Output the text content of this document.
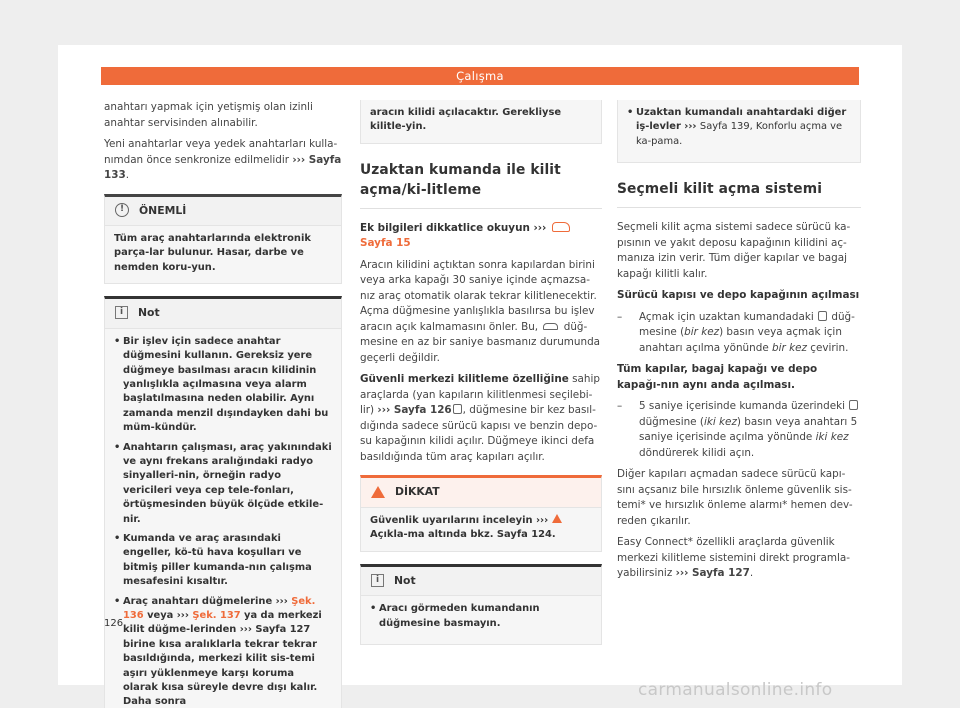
Çalışma

anahtarı yapmak için yetişmiş olan izinli anahtar servisinden alınabilir.

Yeni anahtarlar veya yedek anahtarları kulla-nımdan önce senkronize edilmelidir ››› Sayfa 133.

!	ÖNEMLİ
Tüm araç anahtarlarında elektronik parça-lar bulunur. Hasar, darbe ve nemden koru-yun.
i	Not
• Bir işlev için sadece anahtar düğmesini kullanın. Gereksiz yere düğmeye basılması aracın kilidinin yanlışlıkla açılmasına veya alarm başlatılmasına neden olabilir. Aynı zamanda menzil dışındayken dahi bu müm-kündür.
• Anahtarın çalışması, araç yakınındaki ve aynı frekans aralığındaki radyo sinyalleri-nin, örneğin radyo vericileri veya cep tele-fonları, örtüşmesinden büyük ölçüde etkile-nir.
• Kumanda ve araç arasındaki engeller, kö-tü hava koşulları ve bitmiş piller kumanda-nın çalışma mesafesini kısaltır.
• Araç anahtarı düğmelerine ››› Şek. 136 veya ››› Şek. 137 ya da merkezi kilit düğme-lerinden ››› Sayfa 127 birine kısa aralıklarla tekrar tekrar basıldığında, merkezi kilit sis-temi aşırı yüklenmeye karşı koruma olarak kısa süreyle devre dışı kalır. Daha sonra
aracın kilidi açılacaktır. Gerekliyse kilitle-yin.
Uzaktan kumanda ile kilit açma/ki-litleme

Ek bilgileri dikkatlice okuyun ›››  Sayfa 15

Aracın kilidini açtıktan sonra kapılardan birini veya arka kapağı 30 saniye içinde açmazsa-nız araç otomatik olarak tekrar kilitlenecektir. Açma düğmesine yanlışlıkla basılırsa bu işlev aracın açık kalmamasını önler. Bu, düğ-mesine en az bir saniye basmanız durumunda geçerli değildir.

Güvenli merkezi kilitleme özelliğine sahip araçlarda (yan kapıların kilitlenmesi seçilebi-lir) ››› Sayfa 126 , düğmesine bir kez basıl-dığında sadece sürücü kapısı ve benzin depo-su kapağının kilidi açılır. Düğmeye ikinci defa basıldığında tüm araç kapıları açılır.

DİKKAT
Güvenlik uyarılarını inceleyin ››› Açıkla-ma altında bkz. Sayfa 124.
i	Not
• Aracı görmeden kumandanın düğmesine basmayın.
• Uzaktan kumandalı anahtardaki diğer iş-levler ››› Sayfa 139, Konforlu açma ve ka-pama.
Seçmeli kilit açma sistemi

Seçmeli kilit açma sistemi sadece sürücü ka-pısının ve yakıt deposu kapağının kilidini aç-manıza izin verir. Tüm diğer kapılar ve bagaj kapağı kilitli kalır.

Sürücü kapısı ve depo kapağının açılması

– Açmak için uzaktan kumandadaki  düğ-mesine (bir kez) basın veya açmak için anahtarı açılma yönünde bir kez çevirin.

Tüm kapılar, bagaj kapağı ve depo kapağı-nın aynı anda açılması.

– 5 saniye içerisinde kumanda üzerindeki  düğmesine (iki kez) basın veya anahtarı 5 saniye içerisinde açılma yönünde iki kez döndürerek kilidi açın.

Diğer kapıları açmadan sadece sürücü kapı-sını açsanız bile hırsızlık önleme güvenlik sis-temi* ve hırsızlık önleme alarmı* hemen dev-reden çıkarılır.

Easy Connect* özellikli araçlarda güvenlik merkezi kilitleme sistemini direkt programla-yabilirsiniz ››› Sayfa 127.

126
carmanualsonline.info
